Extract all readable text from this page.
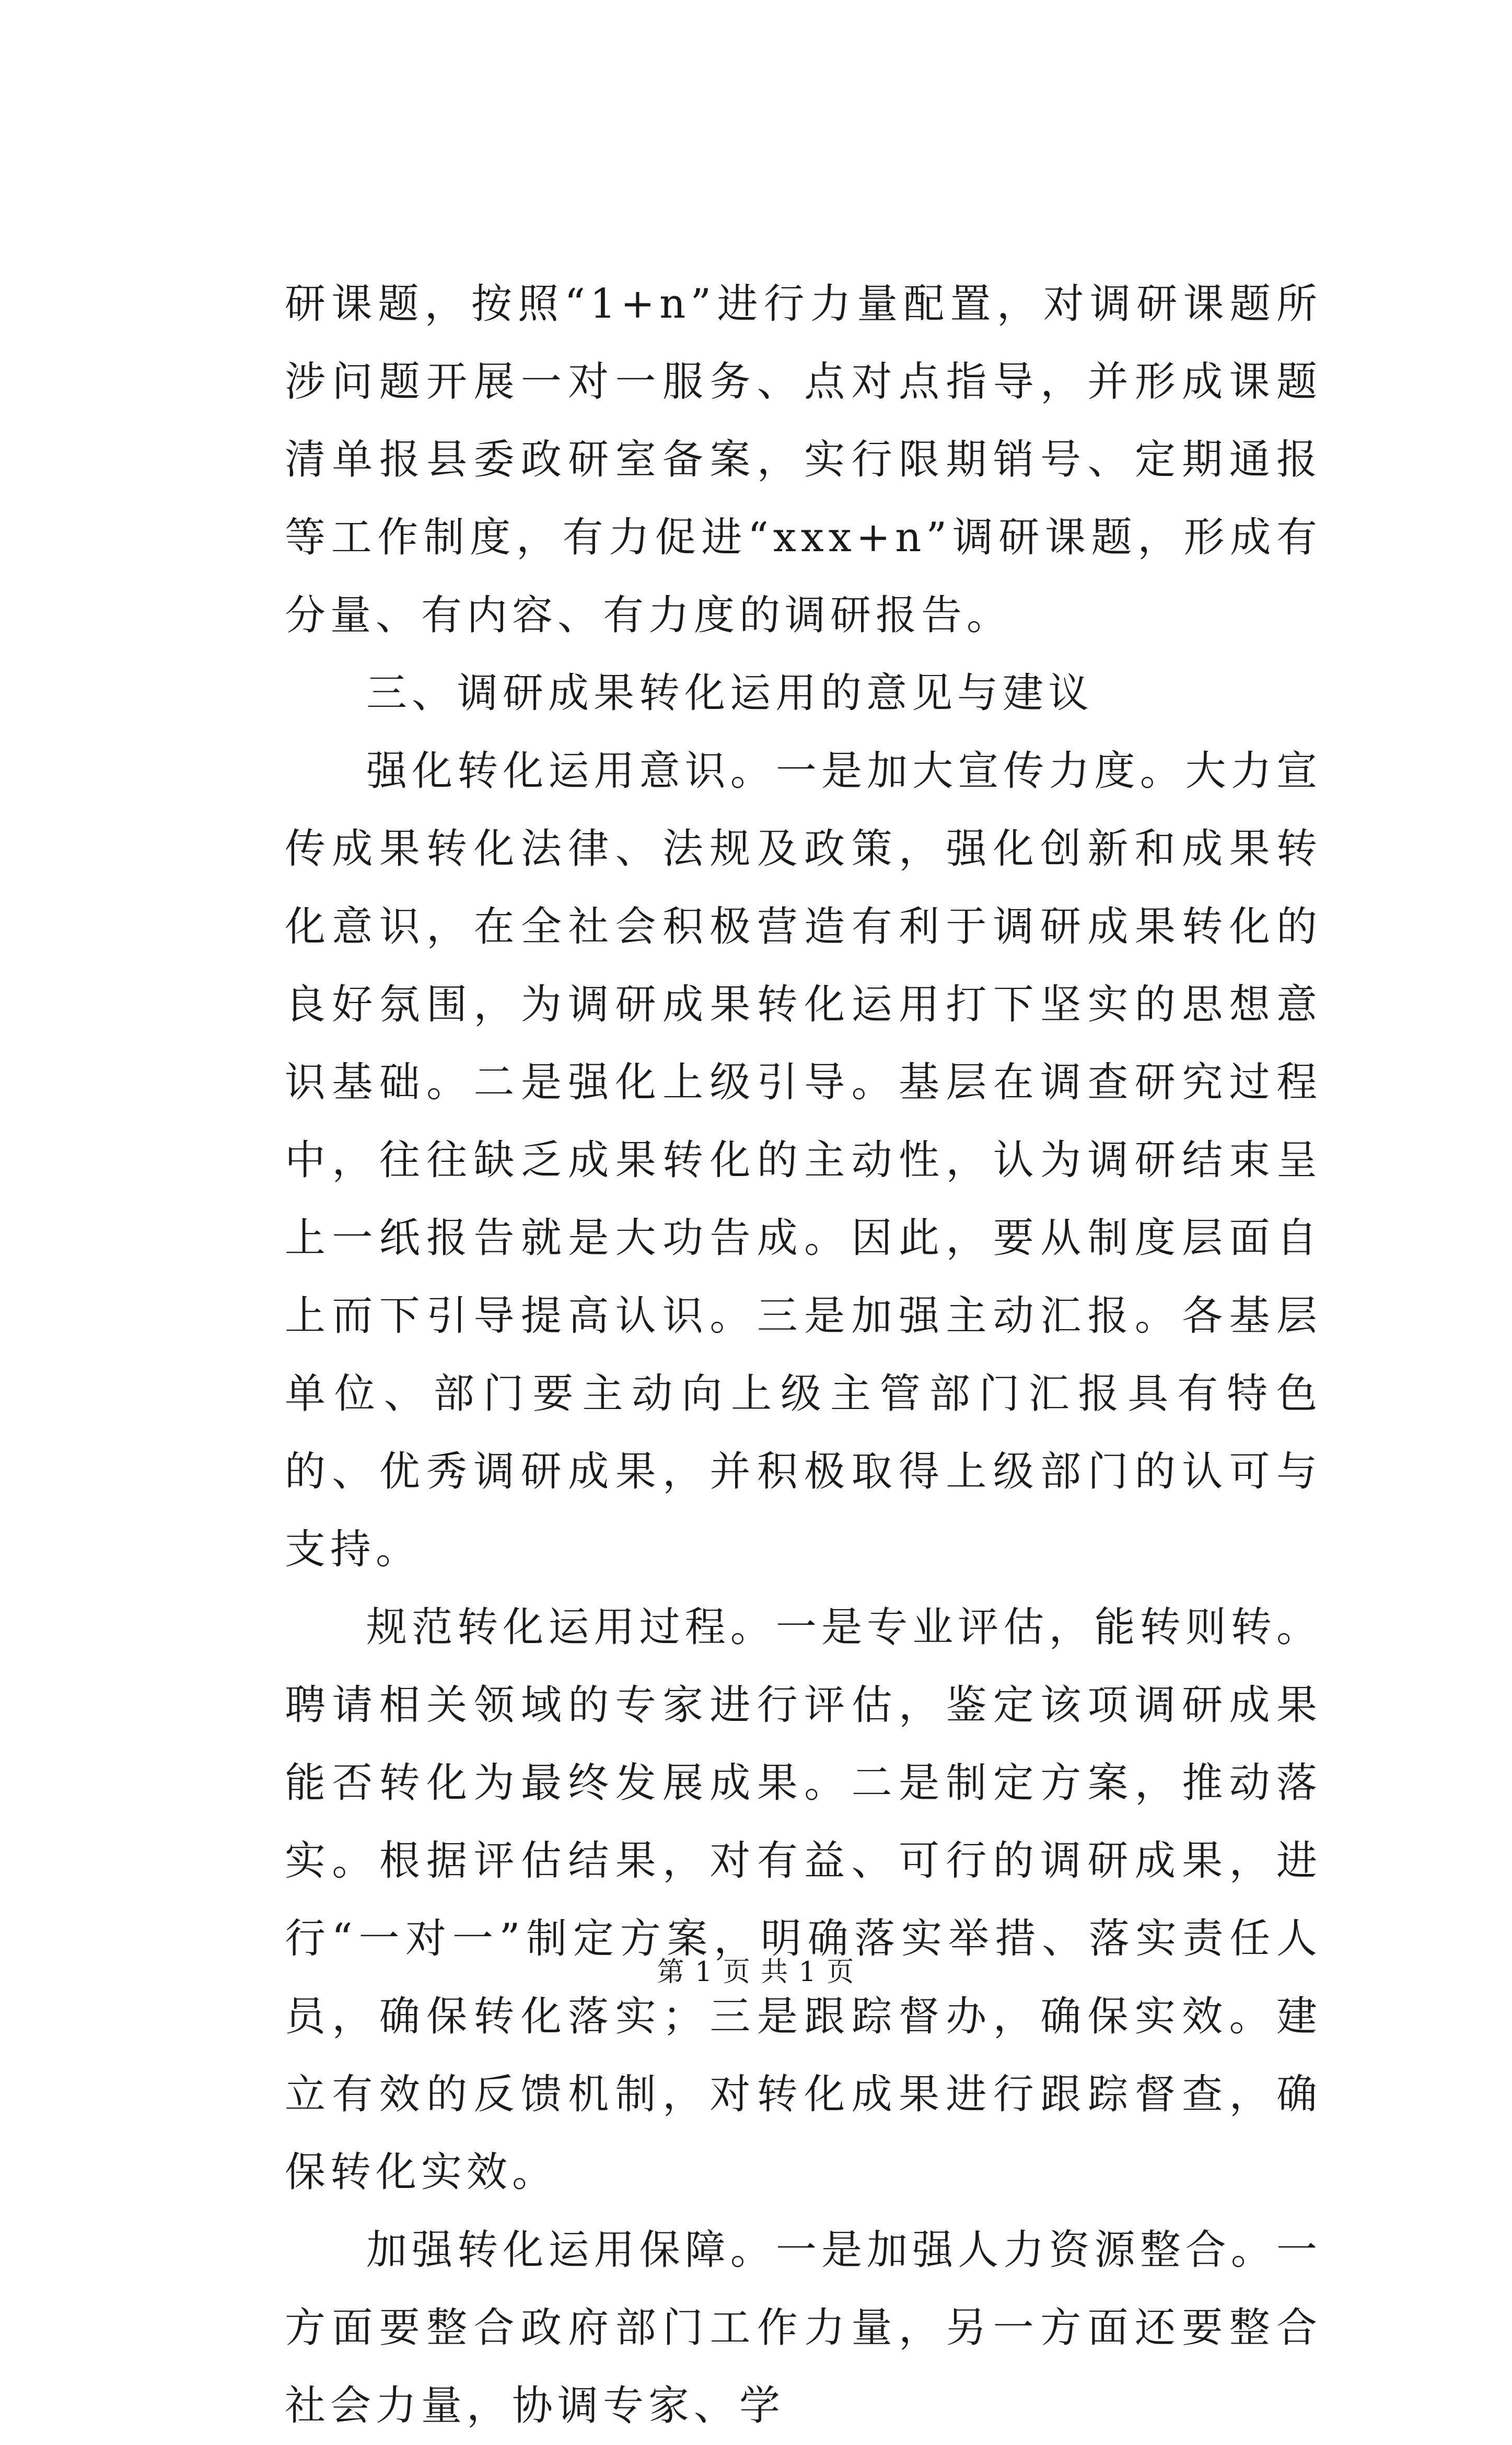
研课题，按照“1+n”进行力量配置，对调研课题所涉问题开展一对一服务、点对点指导，并形成课题清单报县委政研室备案，实行限期销号、定期通报等工作制度，有力促进“xxx+n”调研课题，形成有分量、有内容、有力度的调研报告。

三、调研成果转化运用的意见与建议

强化转化运用意识。一是加大宣传力度。大力宣传成果转化法律、法规及政策，强化创新和成果转化意识，在全社会积极营造有利于调研成果转化的良好氛围，为调研成果转化运用打下坚实的思想意识基础。二是强化上级引导。基层在调查研究过程中，往往缺乏成果转化的主动性，认为调研结束呈上一纸报告就是大功告成。因此，要从制度层面自上而下引导提高认识。三是加强主动汇报。各基层单位、部门要主动向上级主管部门汇报具有特色的、优秀调研成果，并积极取得上级部门的认可与支持。

规范转化运用过程。一是专业评估，能转则转。聘请相关领域的专家进行评估，鉴定该项调研成果能否转化为最终发展成果。二是制定方案，推动落实。根据评估结果，对有益、可行的调研成果，进行“一对一”制定方案，明确落实举措、落实责任人员，确保转化落实；三是跟踪督办，确保实效。建立有效的反馈机制，对转化成果进行跟踪督查，确保转化实效。

加强转化运用保障。一是加强人力资源整合。一方面要整合政府部门工作力量，另一方面还要整合社会力量，协调专家、学

第 1 页 共 1 页
